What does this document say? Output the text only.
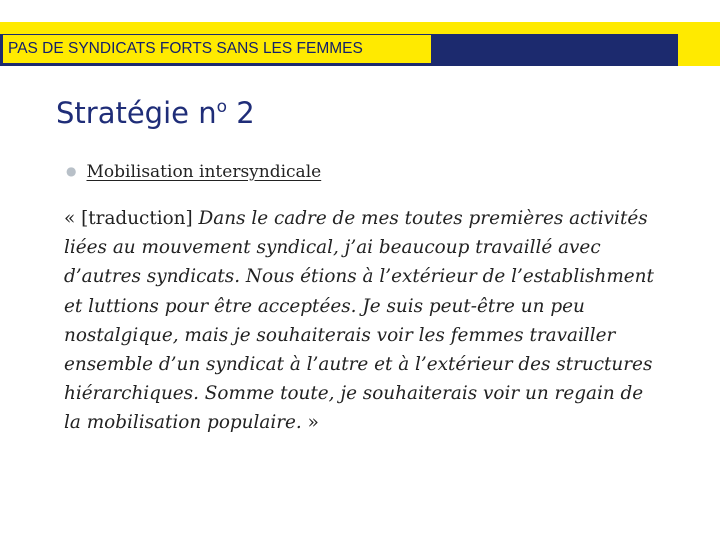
PAS DE SYNDICATS FORTS SANS LES FEMMES
Stratégie $n^o$ 2
● Mobilisation intersyndicale

« [traduction] Dans le cadre de mes toutes premières activités liées au mouvement syndical, j’ai beaucoup travaillé avec d’autres syndicats. Nous étions à l’extérieur de l’establishment et luttions pour être acceptées. Je suis peut-être un peu nostalgique, mais je souhaiterais voir les femmes travailler ensemble d’un syndicat à l’autre et à l’extérieur des structures hiérarchiques. Somme toute, je souhaiterais voir un regain de la mobilisation populaire. »
